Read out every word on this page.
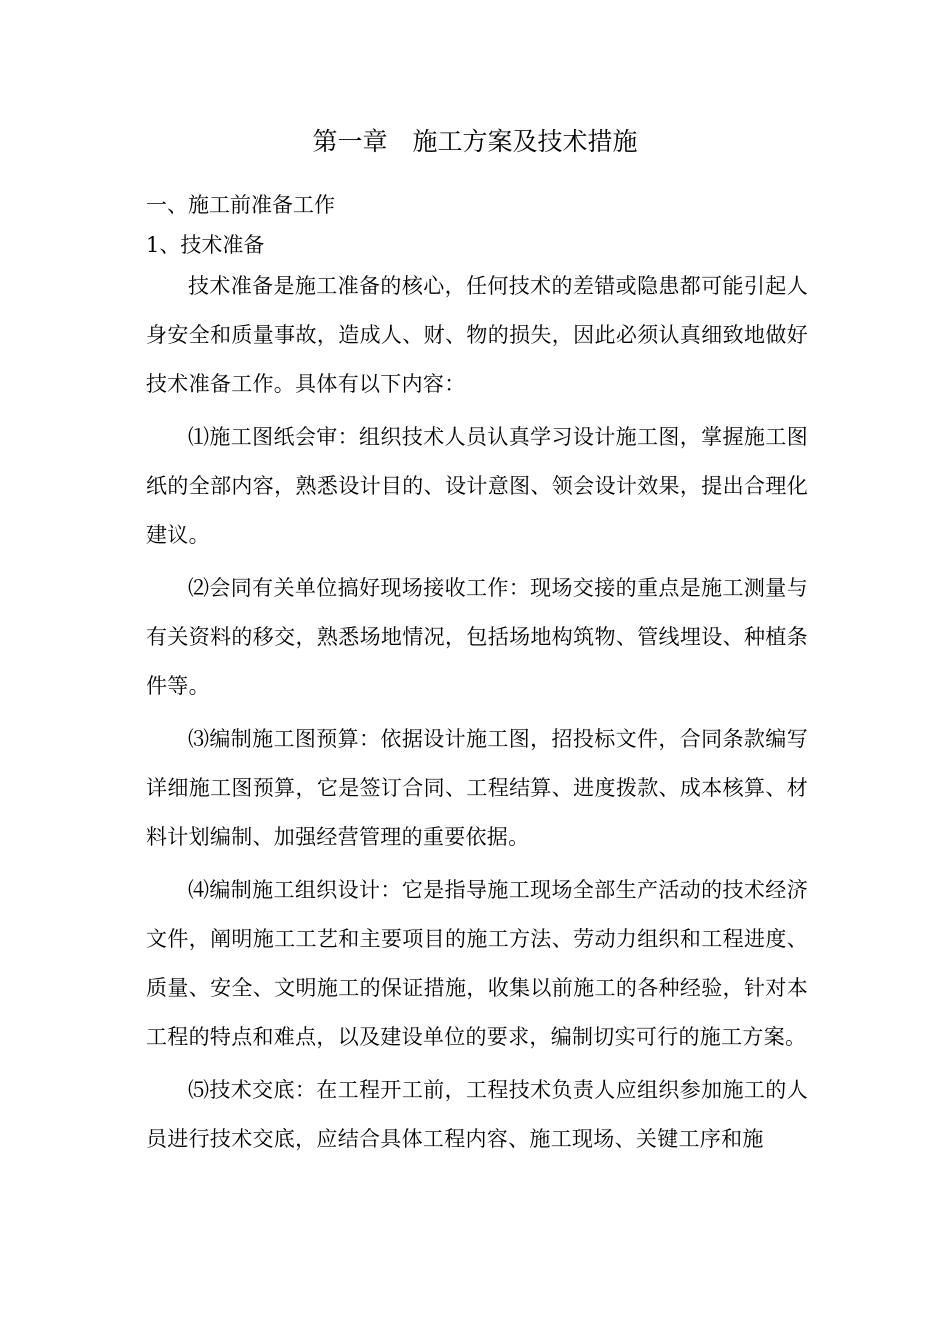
第一章　施工方案及技术措施
一、施工前准备工作
1、技术准备

技术准备是施工准备的核心，任何技术的差错或隐患都可能引起人身安全和质量事故，造成人、财、物的损失，因此必须认真细致地做好技术准备工作。具体有以下内容：

⑴施工图纸会审：组织技术人员认真学习设计施工图，掌握施工图纸的全部内容，熟悉设计目的、设计意图、领会设计效果，提出合理化建议。

⑵会同有关单位搞好现场接收工作：现场交接的重点是施工测量与有关资料的移交，熟悉场地情况，包括场地构筑物、管线埋设、种植条件等。

⑶编制施工图预算：依据设计施工图，招投标文件，合同条款编写详细施工图预算，它是签订合同、工程结算、进度拨款、成本核算、材料计划编制、加强经营管理的重要依据。

⑷编制施工组织设计：它是指导施工现场全部生产活动的技术经济文件，阐明施工工艺和主要项目的施工方法、劳动力组织和工程进度、质量、安全、文明施工的保证措施，收集以前施工的各种经验，针对本工程的特点和难点，以及建设单位的要求，编制切实可行的施工方案。

⑸技术交底：在工程开工前，工程技术负责人应组织参加施工的人员进行技术交底，应结合具体工程内容、施工现场、关键工序和施
